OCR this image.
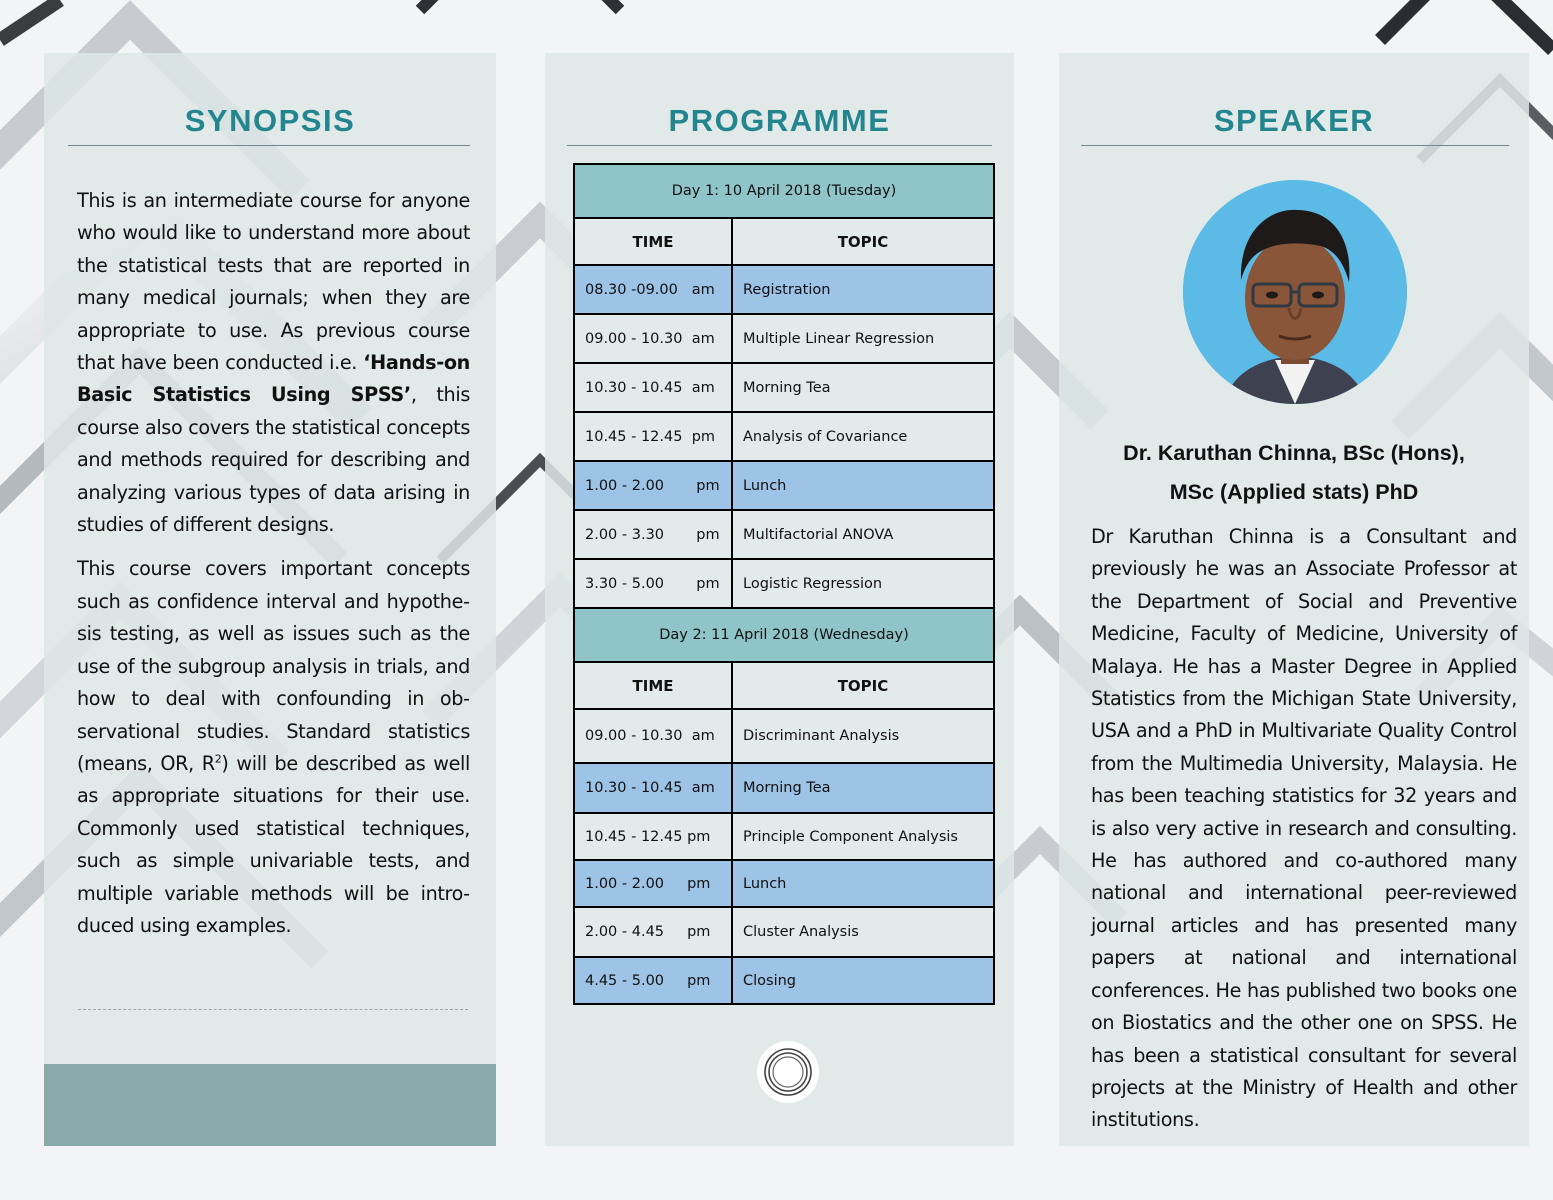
SYNOPSIS

This is an intermediate course for anyone who would like to understand more about the statistical tests that are reported in many medical journals; when they are appropriate to use. As previous course that have been conducted i.e. ‘Hands-on Basic Statistics Using SPSS’, this course also covers the statistical concepts and methods required for describing and analyzing various types of data arising in studies of different designs.

This course covers important concepts such as confidence interval and hypothesis testing, as well as issues such as the use of the subgroup analysis in trials, and how to deal with confounding in observational studies. Standard statistics (means, OR, $R^2$) will be described as well as appropriate situations for their use. Commonly used statistical techniques, such as simple univariable tests, and multiple variable methods will be introduced using examples.

PROGRAMME
Day 1: 10 April 2018 (Tuesday)	
TIME	TOPIC
08.30 -09.00   am	Registration
09.00 - 10.30  am	Multiple Linear Regression
10.30 - 10.45  am	Morning Tea
10.45 - 12.45  pm	Analysis of Covariance
1.00 - 2.00       pm	Lunch
2.00 - 3.30       pm	Multifactorial ANOVA
3.30 - 5.00       pm	Logistic Regression
Day 2: 11 April 2018 (Wednesday)	
TIME	TOPIC
09.00 - 10.30  am	Discriminant Analysis
10.30 - 10.45  am	Morning Tea
10.45 - 12.45 pm	Principle Component Analysis
1.00 - 2.00     pm	Lunch
2.00 - 4.45     pm	Cluster Analysis
4.45 - 5.00     pm	Closing
SPEAKER
Dr. Karuthan Chinna, BSc (Hons),
MSc (Applied stats) PhD
Dr Karuthan Chinna is a Consultant and previously he was an Associate Professor at the Department of Social and Preventive Medicine, Faculty of Medicine, University of Malaya. He has a Master Degree in Applied Statistics from the Michigan State University, USA and a PhD in Multivariate Quality Control from the Multimedia University, Malaysia. He has been teaching statistics for 32 years and is also very active in research and consulting. He has authored and co-authored many national and international peer-reviewed journal articles and has presented many papers at national and international conferences. He has published two books one on Biostatics and the other one on SPSS. He has been a statistical consultant for several projects at the Ministry of Health and other institutions.
